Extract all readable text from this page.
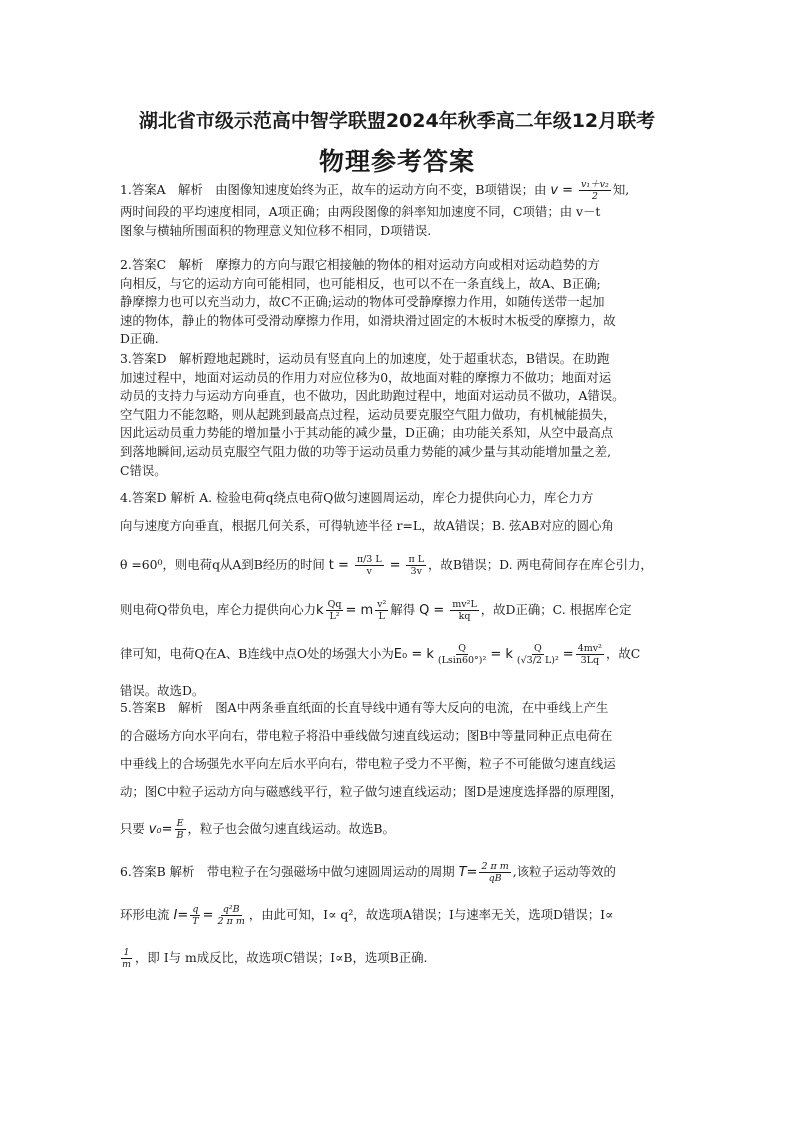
湖北省市级示范高中智学联盟2024年秋季高二年级12月联考
物理参考答案
1.答案A　解析　由图像知速度始终为正，故车的运动方向不变，B项错误；由 $v = \frac{\text{v₁＋v₂}}{2}$ 知,
两时间段的平均速度相同，A项正确；由两段图像的斜率知加速度不同，C项错；由 v－t
图象与横轴所围面积的物理意义知位移不相同，D项错误.
2.答案C　解析　摩擦力的方向与跟它相接触的物体的相对运动方向或相对运动趋势的方
向相反，与它的运动方向可能相同，也可能相反，也可以不在一条直线上，故A、B正确;
静摩擦力也可以充当动力，故C不正确;运动的物体可受静摩擦力作用，如随传送带一起加
速的物体，静止的物体可受滑动摩擦力作用，如滑块滑过固定的木板时木板受的摩擦力，故
D正确.
3.答案D　解析蹬地起跳时，运动员有竖直向上的加速度，处于超重状态，B错误。在助跑
加速过程中，地面对运动员的作用力对应位移为0，故地面对鞋的摩擦力不做功；地面对运
动员的支持力与运动方向垂直，也不做功，因此助跑过程中，地面对运动员不做功，A错误。
空气阻力不能忽略，则从起跳到最高点过程，运动员要克服空气阻力做功，有机械能损失，
因此运动员重力势能的增加量小于其动能的减少量，D正确；由功能关系知，从空中最高点
到落地瞬间,运动员克服空气阻力做的功等于运动员重力势能的减少量与其动能增加量之差,
C错误。
4.答案D 解析 A. 检验电荷q绕点电荷Q做匀速圆周运动，库仑力提供向心力，库仑力方
向与速度方向垂直，根据几何关系，可得轨迹半径 r=L，故A错误；B. 弦AB对应的圆心角
θ =60⁰，则电荷q从A到B经历的时间 $t = \frac{\pi/3 L}{v} = \frac{\text{π L}}{3v}$ ，故B错误；D. 两电荷间存在库仑引力，
则电荷Q带负电，库仑力提供向心力k $\frac{Qq}{\text{L²}} = m \frac{\text{v²}}{L}$ 解得 $Q = \frac{\text{mv²L}}{kq}$ ，故D正确；C. 根据库仑定
律可知，电荷Q在A、B连线中点O处的场强大小为E₀ = k $\frac{Q}{\text{(Lsin60°)²}} = k \frac{Q}{\text{(√3/2 L)²}} = \frac{\text{4mv²}}{3Lq}$ ，故C
错误。故选D。
5.答案B　解析　图A中两条垂直纸面的长直导线中通有等大反向的电流，在中垂线上产生
的合磁场方向水平向右，带电粒子将沿中垂线做匀速直线运动；图B中等量同种正点电荷在
中垂线上的合场强先水平向左后水平向右，带电粒子受力不平衡，粒子不可能做匀速直线运
动；图C中粒子运动方向与磁感线平行，粒子做匀速直线运动；图D是速度选择器的原理图，
只要 $v_0= \frac{E}{B}$ ，粒子也会做匀速直线运动。故选B。
6.答案B 解析　带电粒子在匀强磁场中做匀速圆周运动的周期 $T= \frac{\text{2 π m}}{qB}$ ,该粒子运动等效的
环形电流 $I= \frac{q}{T} = \frac{\text{q²B}}{\text{2 π m}}$ ，由此可知，I∝ q²，故选项A错误；I与速率无关，选项D错误；I∝
$\frac{1}{m}$ ，即 I与 m成反比，故选项C错误；I∝B，选项B正确.
